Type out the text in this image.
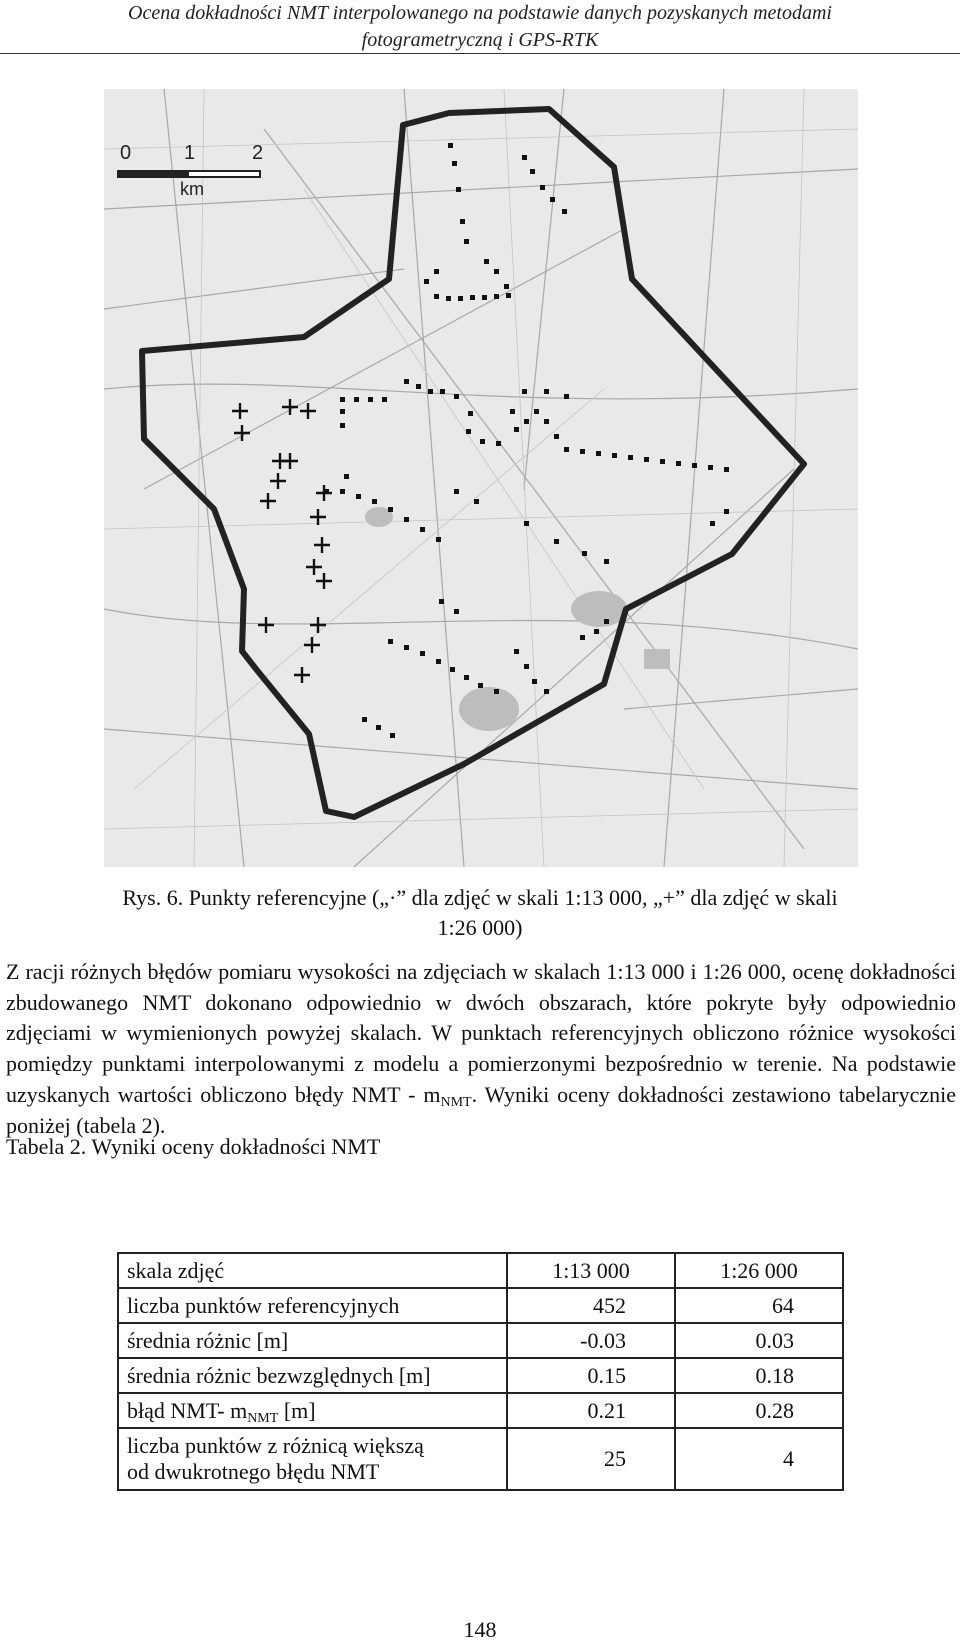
Ocena dokładności NMT interpolowanego na podstawie danych pozyskanych metodami
fotogrametryczną i GPS-RTK
0	1	2
km
Rys. 6. Punkty referencyjne („·” dla zdjęć w skali 1:13 000, „+” dla zdjęć w skali
1:26 000)
Z racji różnych błędów pomiaru wysokości na zdjęciach w skalach 1:13 000 i 1:26 000, ocenę dokładności zbudowanego NMT dokonano odpowiednio w dwóch obszarach, które pokryte były odpowiednio zdjęciami w wymienionych powyżej skalach. W punktach referencyjnych obliczono różnice wysokości pomiędzy punktami interpolowanymi z modelu a pomierzonymi bezpośrednio w terenie. Na podstawie uzyskanych wartości obliczono błędy NMT - $m_{NMT}$. Wyniki oceny dokładności zestawiono tabelarycznie poniżej (tabela 2).
Tabela 2. Wyniki oceny dokładności NMT
skala zdjęć	1:13 000	1:26 000
liczba punktów referencyjnych	452	64
średnia różnic [m]	-0.03	0.03
średnia różnic bezwzględnych [m]	0.15	0.18
błąd NMT- $m_{NMT}$ [m]	0.21	0.28

liczba punktów z różnicą większą
od dwukrotnego błędu NMT	25	4
148
